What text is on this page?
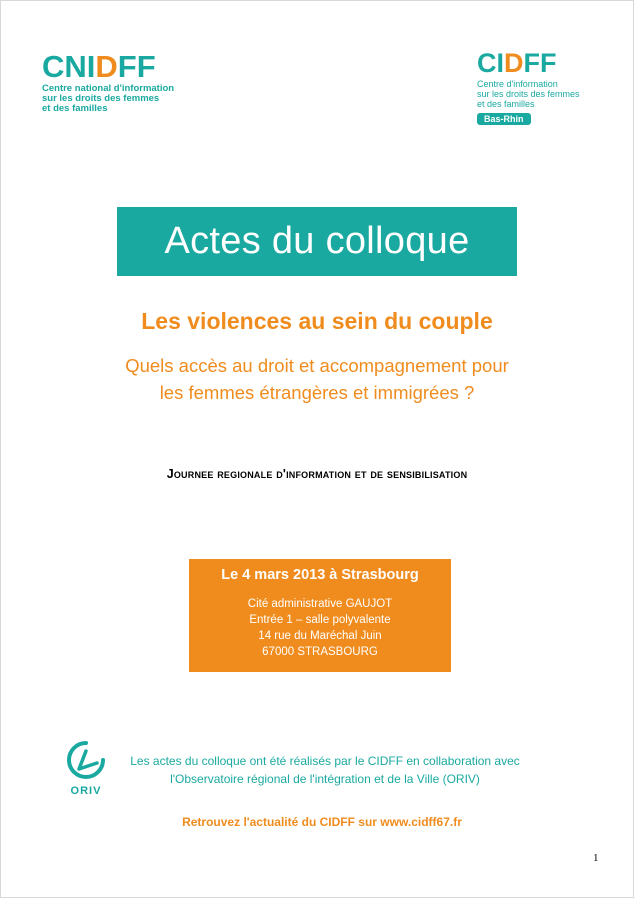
CNIDFF
Centre national d'information
sur les droits des femmes
et des familles
CIDFF
Centre d'information
sur les droits des femmes
et des familles
Bas-Rhin
Actes du colloque
Les violences au sein du couple
Quels accès au droit et accompagnement pour
les femmes étrangères et immigrées ?
Journee regionale d'information et de sensibilisation
Le 4 mars 2013 à Strasbourg
Cité administrative GAUJOT
Entrée 1 – salle polyvalente
14 rue du Maréchal Juin
67000 STRASBOURG
ORIV
Les actes du colloque ont été réalisés par le CIDFF en collaboration avec
l'Observatoire régional de l'intégration et de la Ville (ORIV)
Retrouvez l'actualité du CIDFF sur www.cidff67.fr
1
